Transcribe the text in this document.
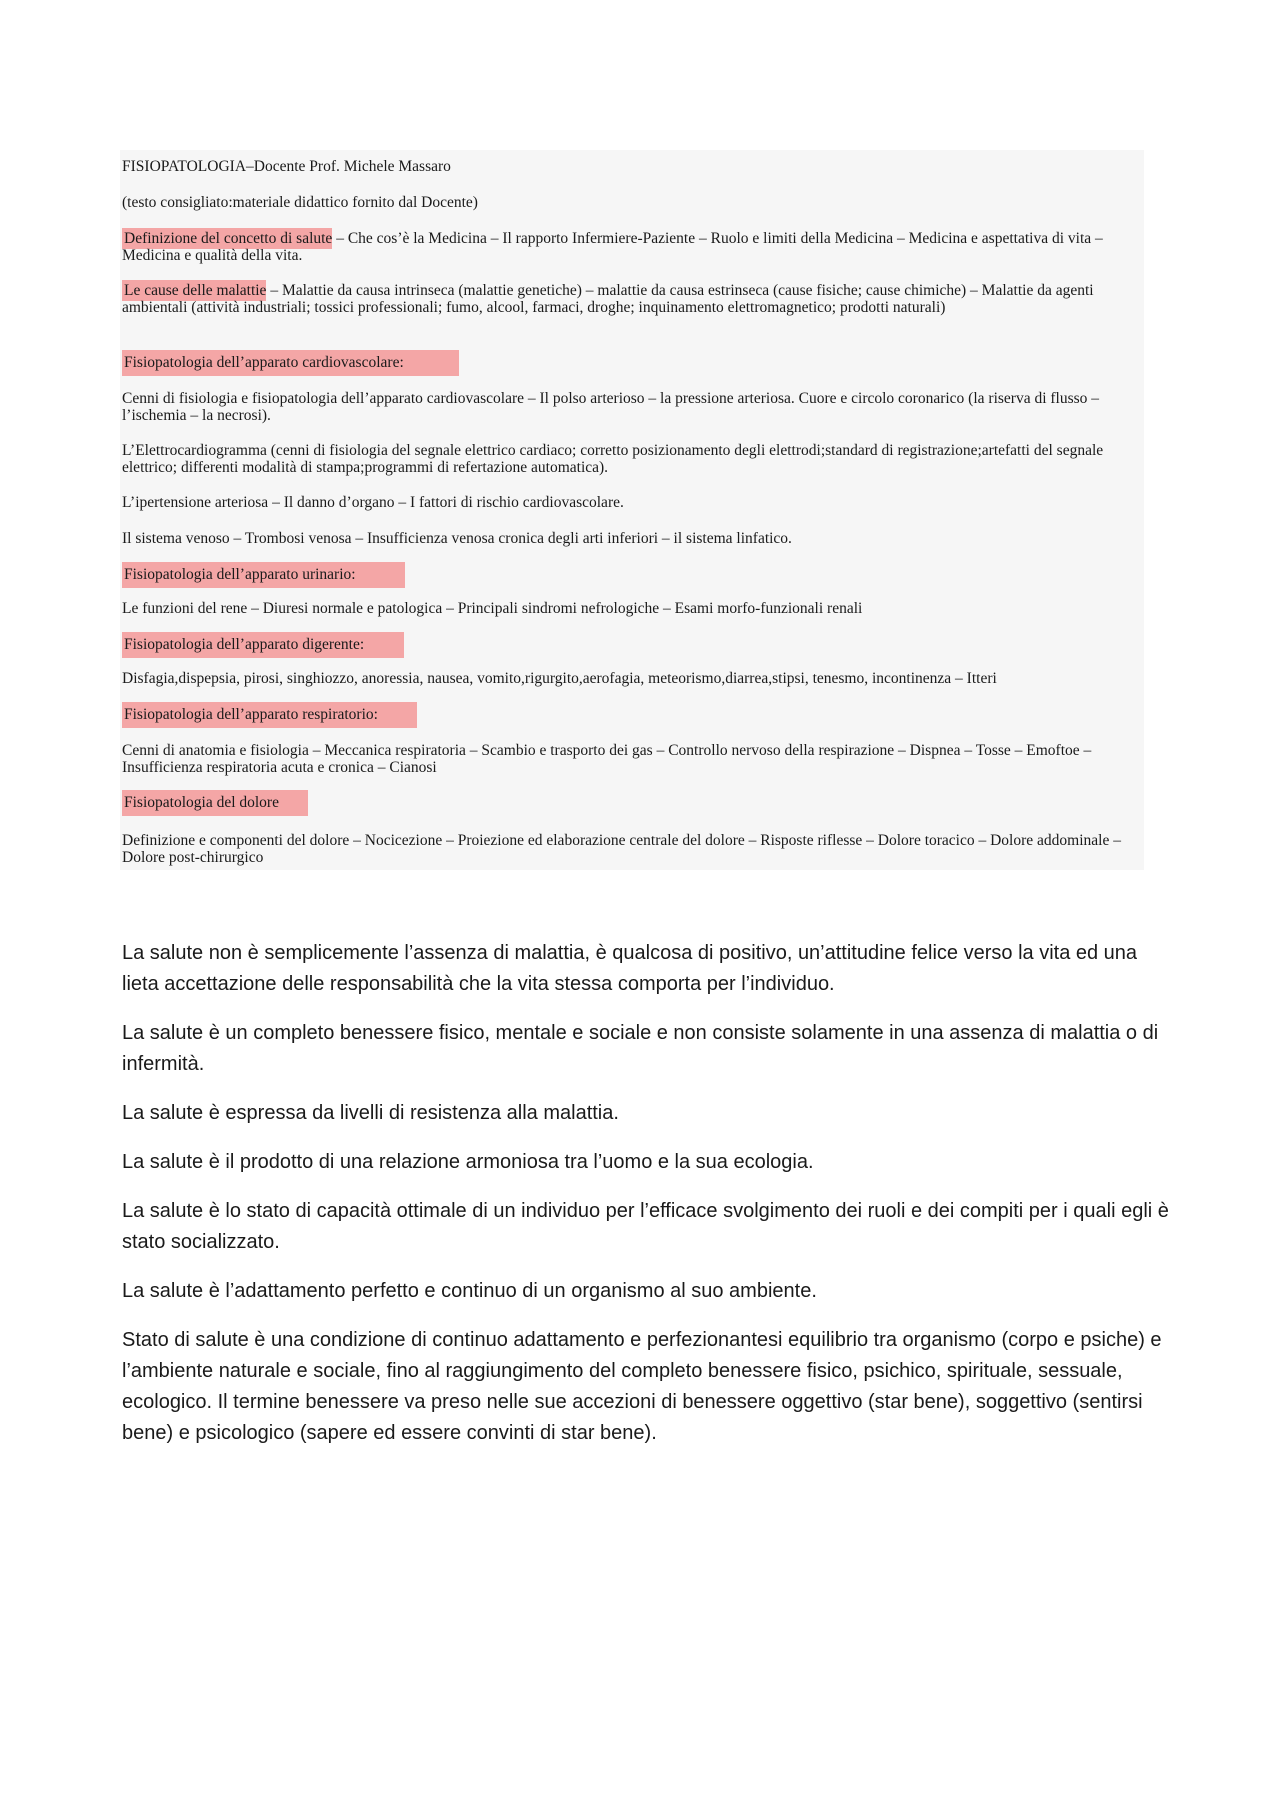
FISIOPATOLOGIA–Docente Prof. Michele Massaro
(testo consigliato:materiale didattico fornito dal Docente)
Definizione del concetto di salute – Che cos’è la Medicina – Il rapporto Infermiere-Paziente – Ruolo e limiti della Medicina – Medicina e aspettativa di vita – Medicina e qualità della vita.
Le cause delle malattie – Malattie da causa intrinseca (malattie genetiche) – malattie da causa estrinseca (cause fisiche; cause chimiche) – Malattie da agenti ambientali (attività industriali; tossici professionali; fumo, alcool, farmaci, droghe; inquinamento elettromagnetico; prodotti naturali)
Fisiopatologia dell’apparato cardiovascolare:
Cenni di fisiologia e fisiopatologia dell’apparato cardiovascolare – Il polso arterioso – la pressione arteriosa. Cuore e circolo coronarico (la riserva di flusso – l’ischemia – la necrosi).
L’Elettrocardiogramma (cenni di fisiologia del segnale elettrico cardiaco; corretto posizionamento degli elettrodi;standard di registrazione;artefatti del segnale elettrico; differenti modalità di stampa;programmi di refertazione automatica).
L’ipertensione arteriosa – Il danno d’organo – I fattori di rischio cardiovascolare.
Il sistema venoso – Trombosi venosa – Insufficienza venosa cronica degli arti inferiori – il sistema linfatico.
Fisiopatologia dell’apparato urinario:
Le funzioni del rene – Diuresi normale e patologica – Principali sindromi nefrologiche – Esami morfo-funzionali renali
Fisiopatologia dell’apparato digerente:
Disfagia,dispepsia, pirosi, singhiozzo, anoressia, nausea, vomito,rigurgito,aerofagia, meteorismo,diarrea,stipsi, tenesmo, incontinenza – Itteri
Fisiopatologia dell’apparato respiratorio:
Cenni di anatomia e fisiologia – Meccanica respiratoria – Scambio e trasporto dei gas – Controllo nervoso della respirazione – Dispnea – Tosse – Emoftoe – Insufficienza respiratoria acuta e cronica – Cianosi
Fisiopatologia del dolore
Definizione e componenti del dolore – Nocicezione – Proiezione ed elaborazione centrale del dolore – Risposte riflesse – Dolore toracico – Dolore addominale – Dolore post-chirurgico

La salute non è semplicemente l’assenza di malattia, è qualcosa di positivo, un’attitudine felice verso la vita ed una lieta accettazione delle responsabilità che la vita stessa comporta per l’individuo.

La salute è un completo benessere fisico, mentale e sociale e non consiste solamente in una assenza di malattia o di infermità.

La salute è espressa da livelli di resistenza alla malattia.

La salute è il prodotto di una relazione armoniosa tra l’uomo e la sua ecologia.

La salute è lo stato di capacità ottimale di un individuo per l’efficace svolgimento dei ruoli e dei compiti per i quali egli è stato socializzato.

La salute è l’adattamento perfetto e continuo di un organismo al suo ambiente.

Stato di salute è una condizione di continuo adattamento e perfezionantesi equilibrio tra organismo (corpo e psiche) e l’ambiente naturale e sociale, fino al raggiungimento del completo benessere fisico, psichico, spirituale, sessuale, ecologico. Il termine benessere va preso nelle sue accezioni di benessere oggettivo (star bene), soggettivo (sentirsi bene) e psicologico (sapere ed essere convinti di star bene).
